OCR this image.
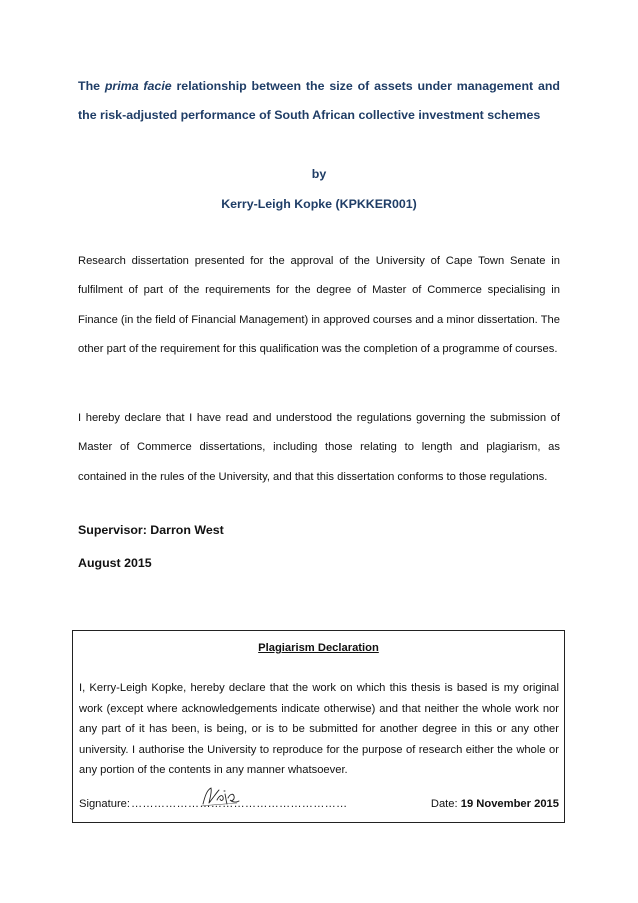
The prima facie relationship between the size of assets under management and the risk-adjusted performance of South African collective investment schemes
by
Kerry-Leigh Kopke (KPKKER001)
Research dissertation presented for the approval of the University of Cape Town Senate in fulfilment of part of the requirements for the degree of Master of Commerce specialising in Finance (in the field of Financial Management) in approved courses and a minor dissertation. The other part of the requirement for this qualification was the completion of a programme of courses.
I hereby declare that I have read and understood the regulations governing the submission of Master of Commerce dissertations, including those relating to length and plagiarism, as contained in the rules of the University, and that this dissertation conforms to those regulations.
Supervisor: Darron West
August 2015
Plagiarism Declaration
I, Kerry-Leigh Kopke, hereby declare that the work on which this thesis is based is my original work (except where acknowledgements indicate otherwise) and that neither the whole work nor any part of it has been, is being, or is to be submitted for another degree in this or any other university. I authorise the University to reproduce for the purpose of research either the whole or any portion of the contents in any manner whatsoever.
Signature: …………………………………………………	Date: 19 November 2015
